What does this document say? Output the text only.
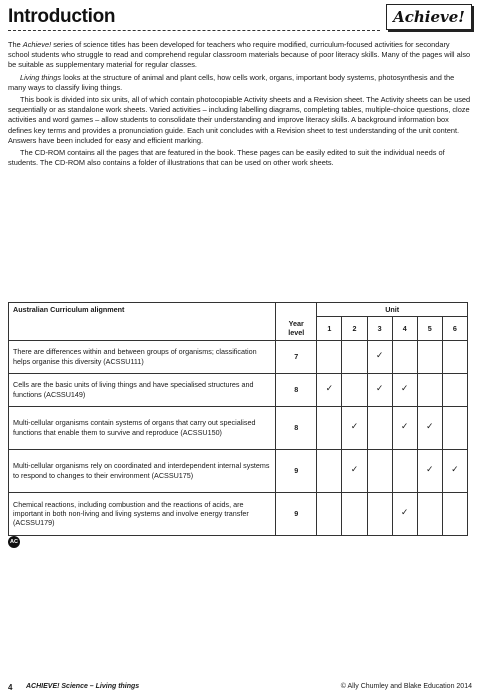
Introduction	Achieve!

The Achieve! series of science titles has been developed for teachers who require modified, curriculum-focused activities for secondary school students who struggle to read and comprehend regular classroom materials because of poor literacy skills. Many of the pages will also be suitable as supplementary material for regular classes.

Living things looks at the structure of animal and plant cells, how cells work, organs, important body systems, photosynthesis and the many ways to classify living things.

This book is divided into six units, all of which contain photocopiable Activity sheets and a Revision sheet. The Activity sheets can be used sequentially or as standalone work sheets. Varied activities – including labelling diagrams, completing tables, multiple-choice questions, cloze activities and word games – allow students to consolidate their understanding and improve literacy skills. A background information box defines key terms and provides a pronunciation guide. Each unit concludes with a Revision sheet to test understanding of the unit content. Answers have been included for easy and efficient marking.

The CD-ROM contains all the pages that are featured in the book. These pages can be easily edited to suit the individual needs of students. The CD-ROM also contains a folder of illustrations that can be used on other work sheets.

Australian Curriculum alignment		Unit					
	Year level	1	2	3	4	5	6
There are differences within and between groups of organisms; classification helps organise this diversity (ACSSU111)	7			✓			
Cells are the basic units of living things and have specialised structures and functions (ACSSU149)	8	✓		✓	✓		
Multi-cellular organisms contain systems of organs that carry out specialised functions that enable them to survive and reproduce (ACSSU150)	8		✓		✓	✓	
Multi-cellular organisms rely on coordinated and interdependent internal systems to respond to changes to their environment (ACSSU175)	9		✓			✓	✓
Chemical reactions, including combustion and the reactions of acids, are important in both non-living and living systems and involve energy transfer (ACSSU179)	9				✓		
AC
4 ACHIEVE! Science – Living things	© Ally Chumley and Blake Education 2014
